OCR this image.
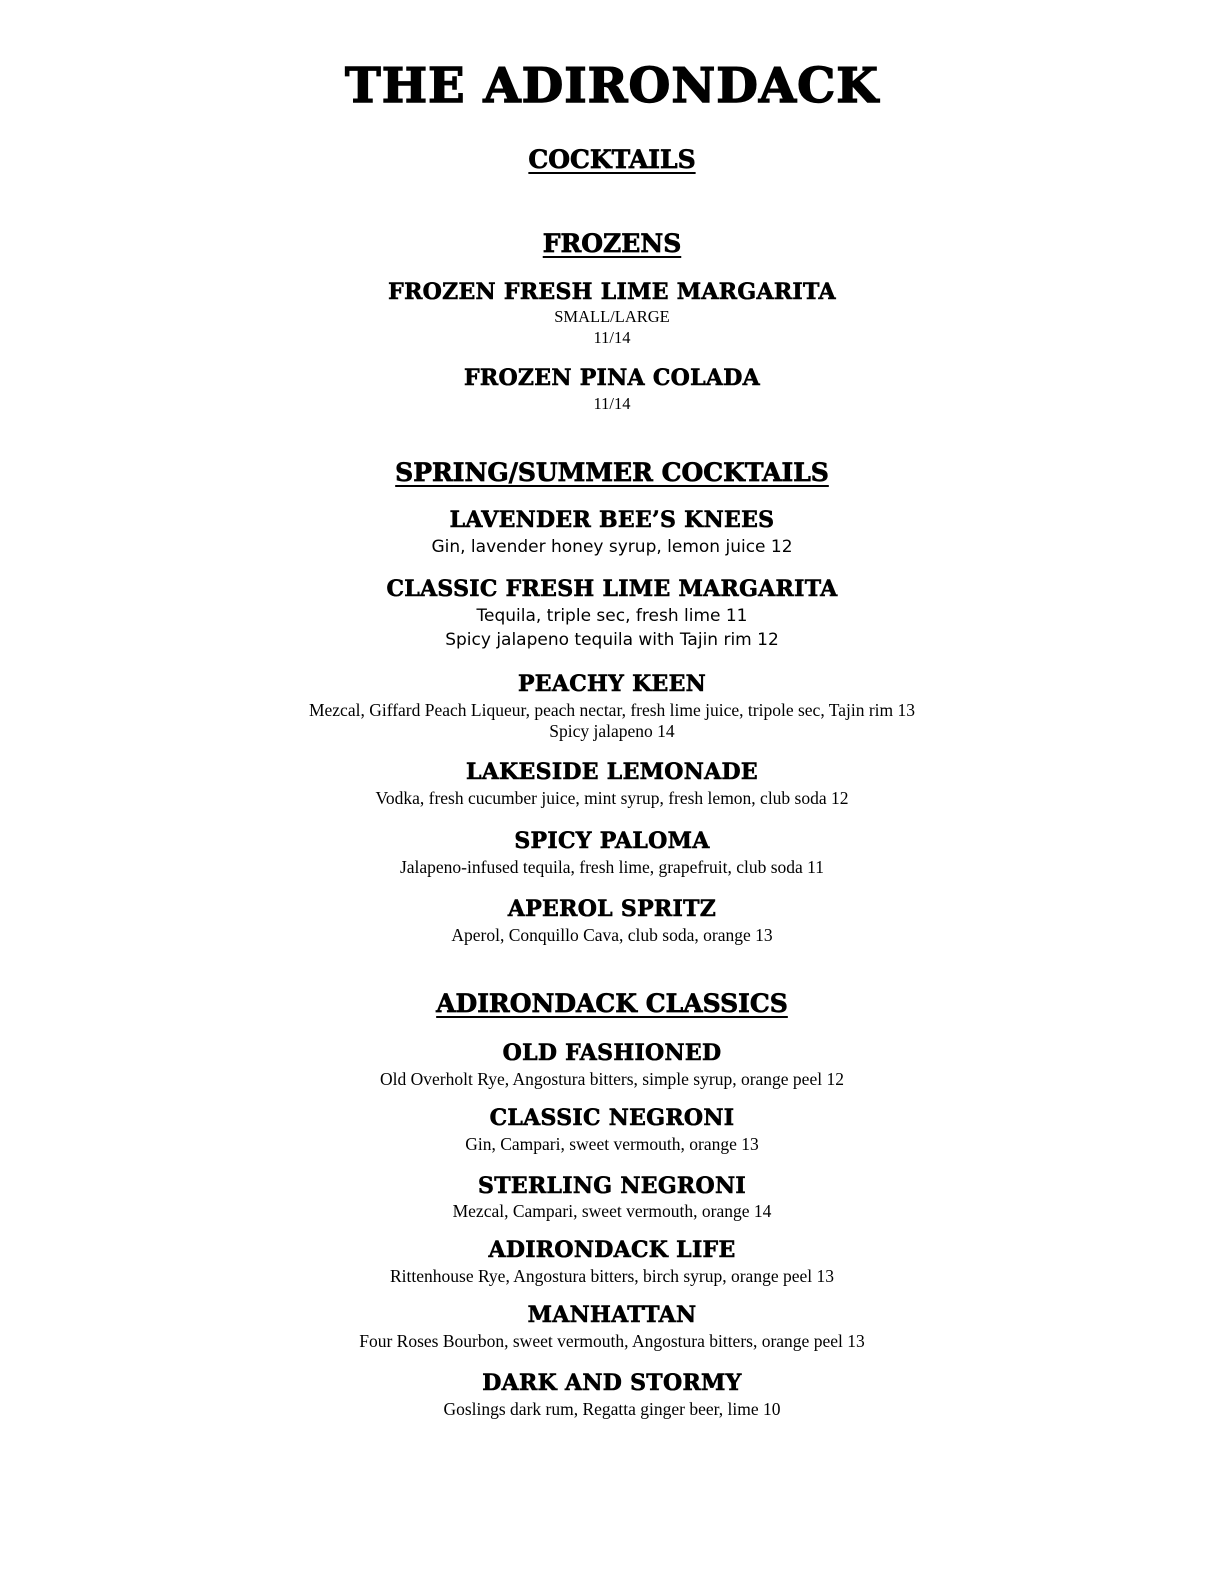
THE ADIRONDACK
COCKTAILS
FROZENS
FROZEN FRESH LIME MARGARITA
SMALL/LARGE
11/14
FROZEN PINA COLADA
11/14
SPRING/SUMMER COCKTAILS
LAVENDER BEE’S KNEES
Gin, lavender honey syrup, lemon juice 12
CLASSIC FRESH LIME MARGARITA
Tequila, triple sec, fresh lime 11
Spicy jalapeno tequila with Tajin rim 12
PEACHY KEEN
Mezcal, Giffard Peach Liqueur, peach nectar, fresh lime juice, tripole sec, Tajin rim 13
Spicy jalapeno 14
LAKESIDE LEMONADE
Vodka, fresh cucumber juice, mint syrup, fresh lemon, club soda 12
SPICY PALOMA
Jalapeno-infused tequila, fresh lime, grapefruit, club soda 11
APEROL SPRITZ
Aperol, Conquillo Cava, club soda, orange 13
ADIRONDACK CLASSICS
OLD FASHIONED
Old Overholt Rye, Angostura bitters, simple syrup, orange peel 12
CLASSIC NEGRONI
Gin, Campari, sweet vermouth, orange 13
STERLING NEGRONI
Mezcal, Campari, sweet vermouth, orange 14
ADIRONDACK LIFE
Rittenhouse Rye, Angostura bitters, birch syrup, orange peel 13
MANHATTAN
Four Roses Bourbon, sweet vermouth, Angostura bitters, orange peel 13
DARK AND STORMY
Goslings dark rum, Regatta ginger beer, lime 10
